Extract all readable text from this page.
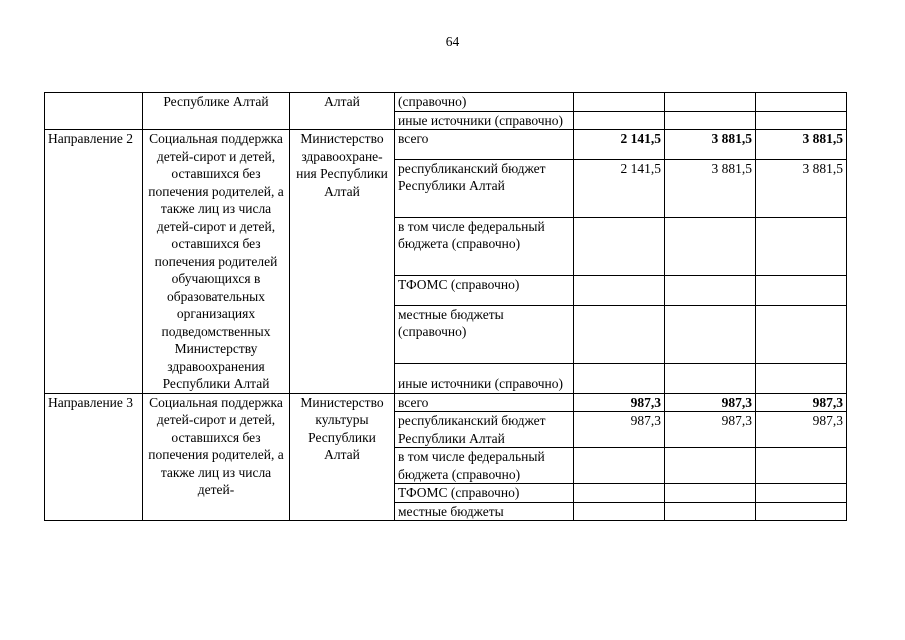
64
	Республике Алтай	Алтай	(справочно)			
			иные источники (справочно)			
Направление 2	Социальная поддержка детей-сирот и детей, оставшихся без попечения родителей, а также лиц из числа детей-сирот и детей, оставшихся без попечения родителей обучающихся в образовательных организациях подведомственных Министерству здравоохранения Республики Алтай	Министерство здравоохране-ния Республики Алтай	всего	2 141,5	3 881,5	3 881,5
			республиканский бюджет Республики Алтай	2 141,5	3 881,5	3 881,5
			в том числе федеральный бюджета (справочно)			
			ТФОМС (справочно)			
			местные бюджеты (справочно)			
			иные источники (справочно)			
Направление 3	Социальная поддержка детей-сирот и детей, оставшихся без попечения родителей, а также лиц из числа детей-	Министерство культуры Республики Алтай	всего	987,3	987,3	987,3
			республиканский бюджет Республики Алтай	987,3	987,3	987,3
			в том числе федеральный бюджета (справочно)			
			ТФОМС (справочно)			
			местные бюджеты			
